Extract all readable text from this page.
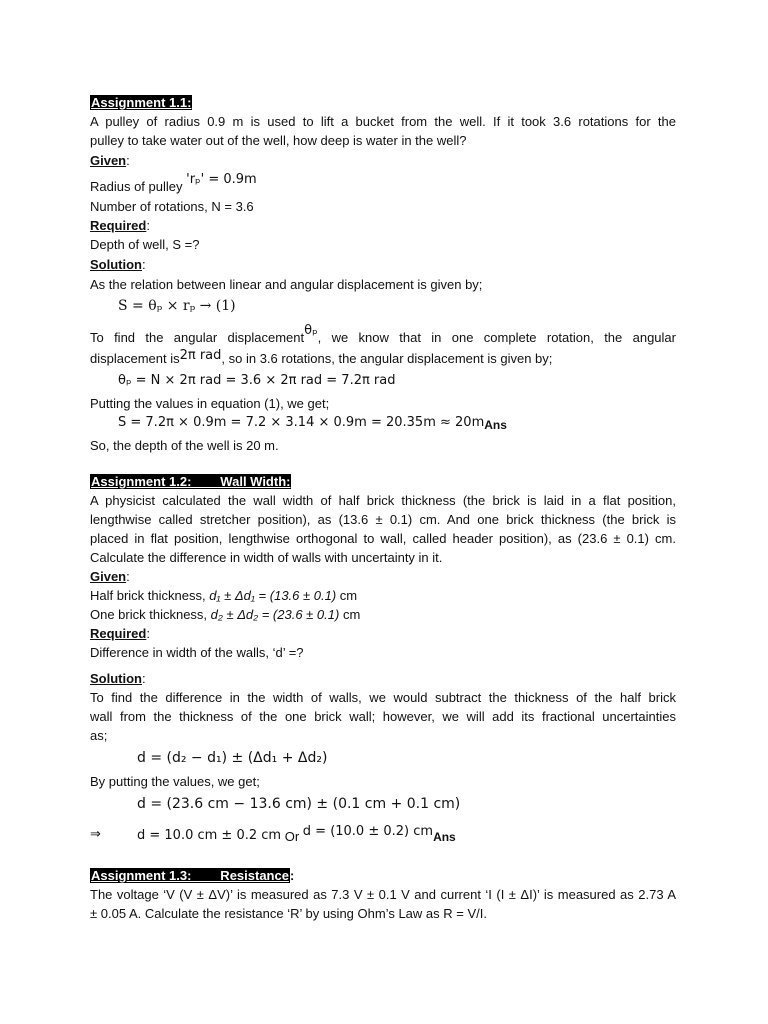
Assignment 1.1:
A pulley of radius 0.9 m is used to lift a bucket from the well. If it took 3.6 rotations for the
pulley to take water out of the well, how deep is water in the well?
Given:
Radius of pulley 'rₚ' = 0.9m
Number of rotations, N = 3.6
Required:
Depth of well, S =?
Solution:
As the relation between linear and angular displacement is given by;
S = θₚ × rₚ → (1)
To find the angular displacementθₚ, we know that in one complete rotation, the angular
displacement is2π rad, so in 3.6 rotations, the angular displacement is given by;
θₚ = N × 2π rad = 3.6 × 2π rad = 7.2π rad
Putting the values in equation (1), we get;
S = 7.2π × 0.9m = 7.2 × 3.14 × 0.9m = 20.35m ≈ 20mAns
So, the depth of the well is 20 m.
Assignment 1.2:        Wall Width:
A physicist calculated the wall width of half brick thickness (the brick is laid in a flat position,
lengthwise called stretcher position), as (13.6 ± 0.1) cm. And one brick thickness (the brick is
placed in flat position, lengthwise orthogonal to wall, called header position), as (23.6 ± 0.1) cm.
Calculate the difference in width of walls with uncertainty in it.
Given:
Half brick thickness, d₁ ± Δd₁ = (13.6 ± 0.1) cm
One brick thickness, d₂ ± Δd₂ = (23.6 ± 0.1) cm
Required:
Difference in width of the walls, ‘d’ =?
Solution:
To find the difference in the width of walls, we would subtract the thickness of the half brick
wall from the thickness of the one brick wall; however, we will add its fractional uncertainties
as;
d = (d₂ − d₁) ± (Δd₁ + Δd₂)
By putting the values, we get;
d = (23.6 cm − 13.6 cm) ± (0.1 cm + 0.1 cm)
⇒	d = 10.0 cm ± 0.2 cm Or d = (10.0 ± 0.2) cmAns
Assignment 1.3:        Resistance:
The voltage ‘V (V ± ΔV)’ is measured as 7.3 V ± 0.1 V and current ‘I (I ± ΔI)’ is measured as 2.73 A
± 0.05 A. Calculate the resistance ‘R’ by using Ohm’s Law as R = V/I.
